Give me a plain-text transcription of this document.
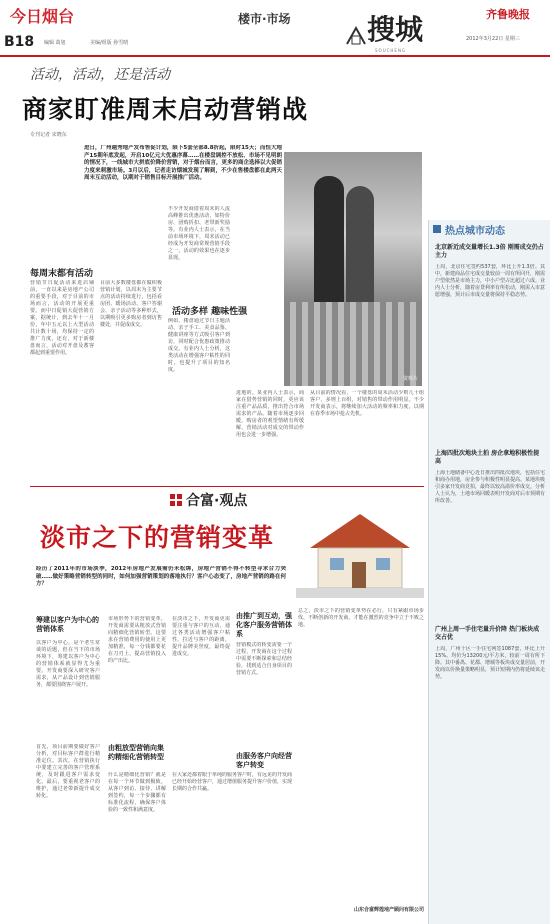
今日烟台
B18 编辑 葛旭	美编/组版 孙雪晴
楼市·市场	搜城
SOUCHENG
齐鲁晚报
2012年3月22日 星期三
活动，活动，还是活动
商家盯准周末启动营销战
专刊记者 宋晓东
进日，广州越秀地产发布售促计划，限下5套全部8.8折起，限时15天；而恒大地产15期年底发起，开启10亿元大优惠序幕……在楼盘调控不放松、市场不见明朗的情况下，一线城市大拼底价降价营销，对于烟台而言，更多的商企选择以大促销力度来刺激市场。3月以后，记者走访烟城发现了解到，不少在售楼盘都在此两天周末互动活动，以期对于销售目标开展推广活动。
资料片
每周末都有活动
营销节日促活动来进店铺前，一直以来是房地产公司的重要手段，对于目前的市场而言，活动的开展更重要。而中日促销大促营销方案，据统计，到去年十一月份，年中五元以上大型活动共计数十场，均保持一定的推广力度。还有，对于新楼盘而言，活动对开盘及蓄客都起到重要作用。
目前大多数楼盘都在做积极营销计划，以周末为主要节点的活动持续进行，包括看房团、暖场活动、客户答谢会、亲子活动等多种形式，以期吸引更多购房者到访售楼处，并促成成交。
不少开发商借着周末的人流高峰推出优惠活动，如特价房、团购折扣、老带新奖励等。有业内人士表示，在当前市场环境下，周末活动已经成为开发商常规营销手段之一，活动的效果也在逐步显现。
活动多样 趣味性强
例如，楼盘通过节日主题活动、亲子手工、美食品鉴、健康讲座等方式吸引客户到访，同时配合优惠政策推动成交。有业内人士分析，这类活动在增强客户粘性的同时，也提升了项目的知名度。
进地的。某业内人士表示，商家在借势营销的同时，更应该注重产品品质，推出符合市场需求的产品。随着市场逐步回暖，购房者的观望情绪有所缓解，营销活动对成交的带动作用也会进一步增强。
从目前的情况看，一个楼盘的周末活动少则几十组客户，多则上百组，对销售的带动作用明显。不少开发商表示，将继续加大活动的频率和力度，以期在春季市场中抢占先机。
热点城市动态
北京新近成交量增长1.3倍 刚需成交仍占主力
上周，北京住宅签约537套，环比上升1.3倍。其中，新建商品住宅成交量较前一周有所回升，刚需户型依然是市场主力，中小户型占比超过六成。业内人士分析，随着房贷利率有所松动，刚需入市意愿增强，预计后市成交量将保持平稳态势。
上海四批次地块土拍 房企拿地积极性提高
上海土地储备中心近日推出四批次地块，包括住宅和商办用地，房企参与积极性明显提高。某地块吸引多家开发商竞拍，最终以较高溢价率成交。分析人士认为，土地市场回暖表明开发商对后市预期有所改善。
广州上周一手住宅量升价降 热门板块成交占优
上周，广州十区一手住宅网签1087套，环比上升15%。均价为13200元/平方米，较前一周有所下降。其中番禺、花都、增城等板块成交量居前，开发商以价换量策略明显，预计短期内仍将延续该走势。
合富·观点
淡市之下的营销变革
经历了2011年的市场淡季，2012年房地产发展需仍未松绑，房地产营销不得不转型寻求合力突破……做好策略营销转型的同时，如何加强营销策划的落地执行？客户心态变了，房地产营销的路在何方？
筹建以客户为中心的营销体系
以客户为中心，是个老生常谈的话题，但在当下的市场环境下，筹建以客户为中心的营销体系就显得尤为重要。开发商要深入研究客户需求，从产品设计到营销服务，都要围绕客户展开。
首先，项目前期要做好客户分析，对目标客户群进行精准定位。其次，在营销执行中要建立完善的客户管理系统，及时跟进客户需求变化。最后，要重视老客户的维护，通过老带新提升成交转化。
市场形势下的营销变革，开发商需要从粗放式营销向精细化营销转型。这要求在营销费用的使用上更加精准，每一分钱都要花在刀刃上，提高营销投入的产出比。
由粗放型营销向集约精细化营销转型
什么是精细化营销？就是在每一个环节做到极致，从客户到访、接待、讲解到签约，每一个步骤都有标准化流程，确保客户体验的一致性和满意度。
在淡市之下，开发商更需要注重与客户的互动，通过各类活动增强客户粘性，拉近与客户的距离，提升品牌美誉度，最终促进成交。
由推广到互动，强化客户服务营销体系
营销模式的转变需要一个过程，开发商在这个过程中需要不断探索和总结经验，找到适合自身项目的营销方式。
由服务客户向经营客户转变
在大家还都着眼于单纯的服务客户时，有远见的开发商已经开始经营客户，通过增值服务提升客户价值，实现长期的合作共赢。
总之，淡市之下的营销变革势在必行，只有紧跟市场步伐、不断创新的开发商，才能在激烈的竞争中立于不败之地。
山东合富辉煌地产顾问有限公司
